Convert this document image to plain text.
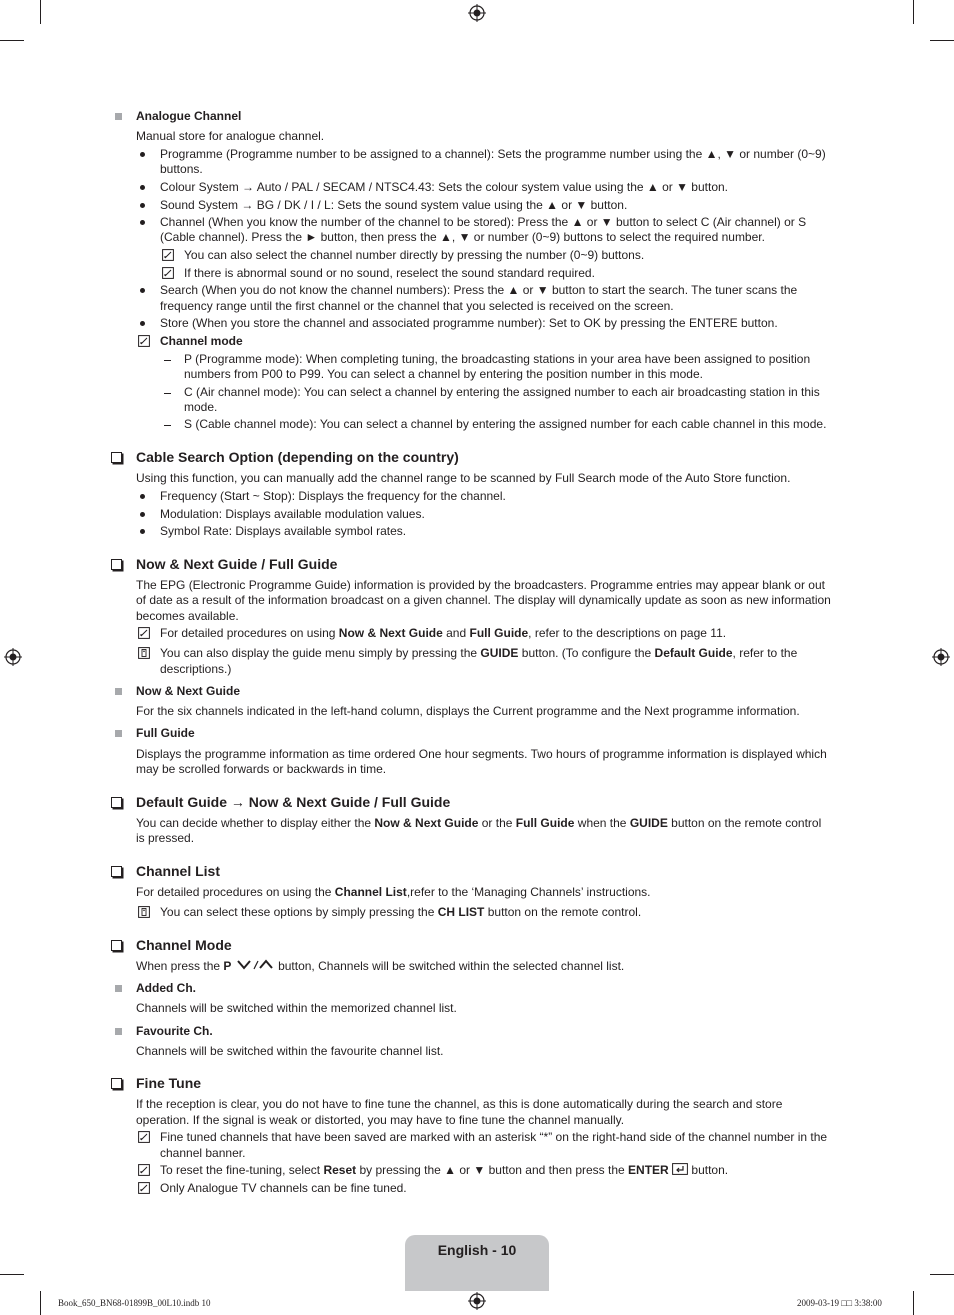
Analogue Channel
Manual store for analogue channel.
Programme (Programme number to be assigned to a channel): Sets the programme number using the ▲, ▼ or number (0~9)
buttons.
Colour System → Auto / PAL / SECAM / NTSC4.43: Sets the colour system value using the ▲ or ▼ button.
Sound System → BG / DK / I / L: Sets the sound system value using the ▲ or ▼ button.
Channel (When you know the number of the channel to be stored): Press the ▲ or ▼ button to select C (Air channel) or S
(Cable channel). Press the ► button, then press the ▲, ▼ or number (0~9) buttons to select the required number.
You can also select the channel number directly by pressing the number (0~9) buttons.
If there is abnormal sound or no sound, reselect the sound standard required.
Search (When you do not know the channel numbers): Press the ▲ or ▼ button to start the search. The tuner scans the
frequency range until the first channel or the channel that you selected is received on the screen.
Store (When you store the channel and associated programme number): Set to OK by pressing the ENTERE button.
Channel mode
P (Programme mode): When completing tuning, the broadcasting stations in your area have been assigned to position
numbers from P00 to P99. You can select a channel by entering the position number in this mode.
C (Air channel mode): You can select a channel by entering the assigned number to each air broadcasting station in this
mode.
S (Cable channel mode): You can select a channel by entering the assigned number for each cable channel in this mode.
Cable Search Option (depending on the country)
Using this function, you can manually add the channel range to be scanned by Full Search mode of the Auto Store function.
Frequency (Start ~ Stop): Displays the frequency for the channel.
Modulation: Displays available modulation values.
Symbol Rate: Displays available symbol rates.
Now & Next Guide / Full Guide
The EPG (Electronic Programme Guide) information is provided by the broadcasters. Programme entries may appear blank or out
of date as a result of the information broadcast on a given channel. The display will dynamically update as soon as new information
becomes available.
For detailed procedures on using Now & Next Guide and Full Guide, refer to the descriptions on page 11.
You can also display the guide menu simply by pressing the GUIDE button. (To configure the Default Guide, refer to the
descriptions.)
Now & Next Guide
For the six channels indicated in the left-hand column, displays the Current programme and the Next programme information.
Full Guide
Displays the programme information as time ordered One hour segments. Two hours of programme information is displayed which
may be scrolled forwards or backwards in time.
Default Guide → Now & Next Guide / Full Guide
You can decide whether to display either the Now & Next Guide or the Full Guide when the GUIDE button on the remote control
is pressed.
Channel List
For detailed procedures on using the Channel List,refer to the ‘Managing Channels’ instructions.
You can select these options by simply pressing the CH LIST button on the remote control.
Channel Mode
When press the P	button, Channels will be switched within the selected channel list.
Added Ch.
Channels will be switched within the memorized channel list.
Favourite Ch.
Channels will be switched within the favourite channel list.
Fine Tune
If the reception is clear, you do not have to fine tune the channel, as this is done automatically during the search and store
operation. If the signal is weak or distorted, you may have to fine tune the channel manually.
Fine tuned channels that have been saved are marked with an asterisk “*” on the right-hand side of the channel number in the
channel banner.
To reset the fine-tuning, select Reset by pressing the ▲ or ▼ button and then press the ENTER  button.
Only Analogue TV channels can be fine tuned.
English - 10
Book_650_BN68-01899B_00L10.indb 10	2009-03-19 □□ 3:38:00
